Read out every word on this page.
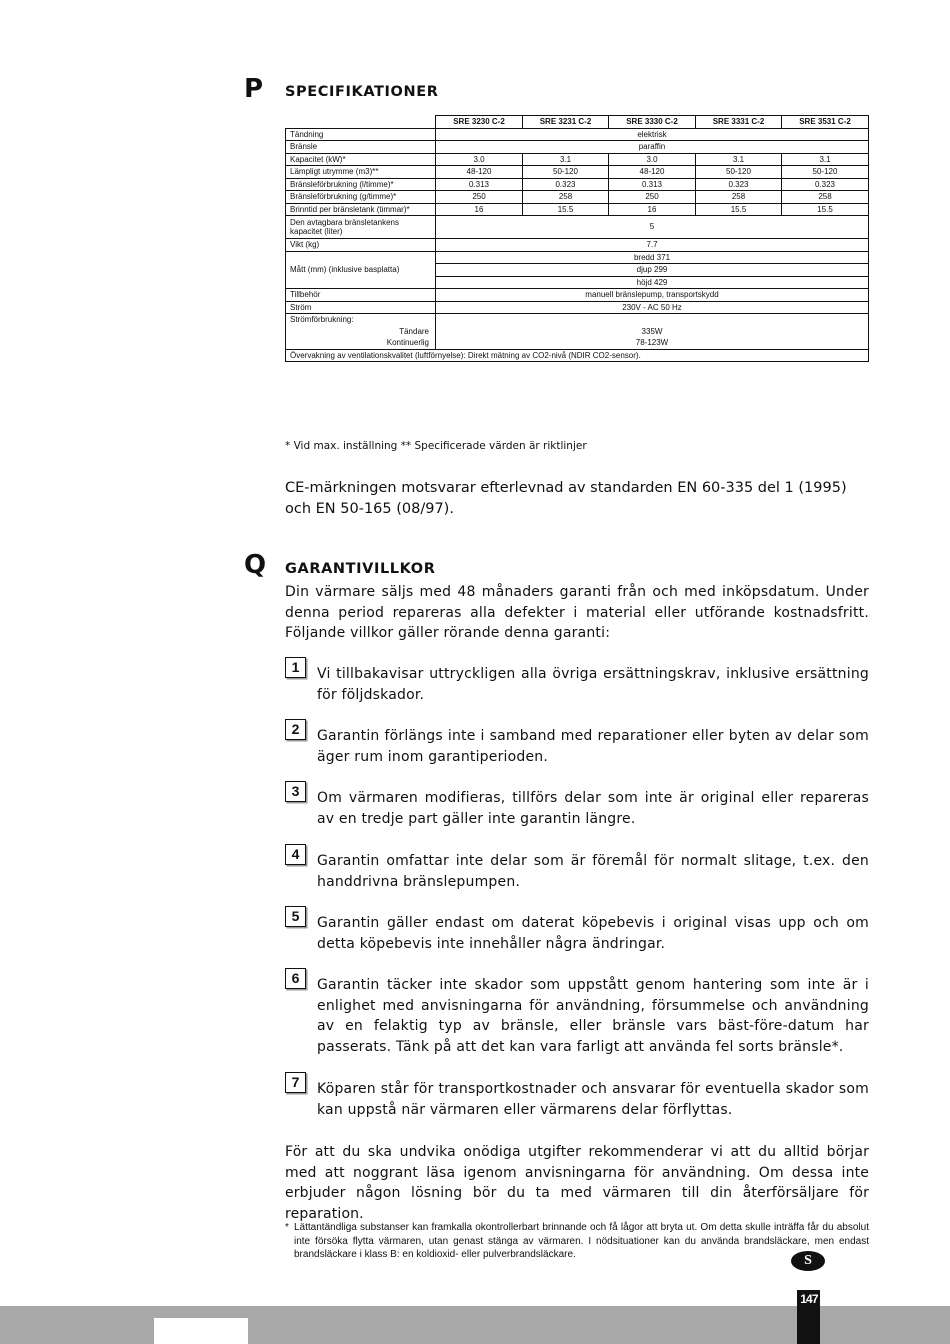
P SPECIFIKATIONER
	SRE 3230 C-2	SRE 3231 C-2	SRE 3330 C-2	SRE 3331 C-2	SRE 3531 C-2
Tändning	elektrisk				
Bränsle	paraffin				
Kapacitet (kW)*	3.0	3.1	3.0	3.1	3.1
Lämpligt utrymme (m3)**	48-120	50-120	48-120	50-120	50-120
Bränsleförbrukning (l/timme)*	0.313	0.323	0.313	0.323	0.323
Bränsleförbrukning (g/timme)*	250	258	250	258	258
Brinntid per bränsletank (timmar)*	16	15.5	16	15.5	15.5
Den avtagbara bränsletankens kapacitet (liter)	5				
Vikt (kg)	7.7				
Mått (mm) (inklusive basplatta)	bredd 371				
	djup 299				
	höjd 429				
Tillbehör	manuell bränslepump, transportskydd				
Ström	230V - AC 50 Hz				
Strömförbrukning:					
Tändare	335W				
Kontinuerlig	78-123W				
Övervakning av ventilationskvalitet (luftförnyelse): Direkt mätning av CO2-nivå (NDIR CO2-sensor).					
* Vid max. inställning ** Specificerade värden är riktlinjer
CE-märkningen motsvarar efterlevnad av standarden EN 60-335 del 1 (1995) och EN 50-165 (08/97).
Q GARANTIVILLKOR
Din värmare säljs med 48 månaders garanti från och med inköpsdatum. Under denna period repareras alla defekter i material eller utförande kostnadsfritt. Följande villkor gäller rörande denna garanti:
1	Vi tillbakavisar uttryckligen alla övriga ersättningskrav, inklusive ersättning för följdskador.
2	Garantin förlängs inte i samband med reparationer eller byten av delar som äger rum inom garantiperioden.
3	Om värmaren modifieras, tillförs delar som inte är original eller repareras av en tredje part gäller inte garantin längre.
4	Garantin omfattar inte delar som är föremål för normalt slitage, t.ex. den handdrivna bränslepumpen.
5	Garantin gäller endast om daterat köpebevis i original visas upp och om detta köpebevis inte innehåller några ändringar.
6	Garantin täcker inte skador som uppstått genom hantering som inte är i enlighet med anvisningarna för användning, försummelse och användning av en felaktig typ av bränsle, eller bränsle vars bäst-före-datum har passerats. Tänk på att det kan vara farligt att använda fel sorts bränsle*.
7	Köparen står för transportkostnader och ansvarar för eventuella skador som kan uppstå när värmaren eller värmarens delar förflyttas.
För att du ska undvika onödiga utgifter rekommenderar vi att du alltid börjar med att noggrant läsa igenom anvisningarna för användning. Om dessa inte erbjuder någon lösning bör du ta med värmaren till din återförsäljare för reparation.
* Lättantändliga substanser kan framkalla okontrollerbart brinnande och få lågor att bryta ut. Om detta skulle inträffa får du absolut inte försöka flytta värmaren, utan genast stänga av värmaren. I nödsituationer kan du använda brandsläckare, men endast brandsläckare i klass B: en koldioxid- eller pulverbrandsläckare.	S
147
